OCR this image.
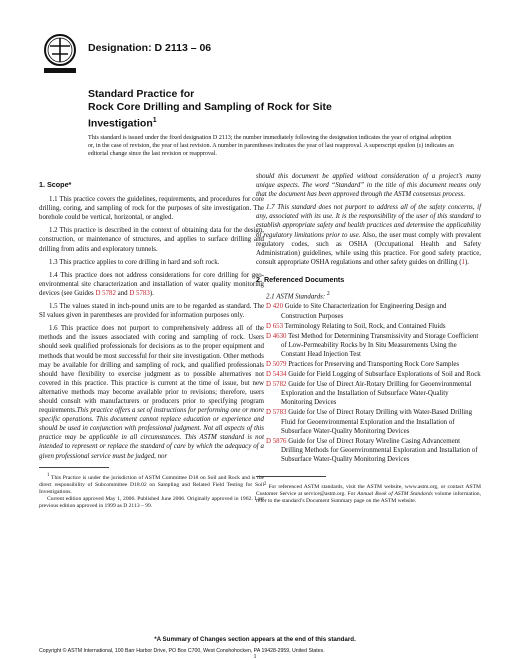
Designation: D 2113 – 06
Standard Practice for
Rock Core Drilling and Sampling of Rock for Site Investigation$^1$
This standard is issued under the fixed designation D 2113; the number immediately following the designation indicates the year of original adoption or, in the case of revision, the year of last revision. A number in parentheses indicates the year of last reapproval. A superscript epsilon (ε) indicates an editorial change since the last revision or reapproval.
1. Scope*
1.1 This practice covers the guidelines, requirements, and procedures for core drilling, coring, and sampling of rock for the purposes of site investigation. The borehole could be vertical, horizontal, or angled.
1.2 This practice is described in the context of obtaining data for the design, construction, or maintenance of structures, and applies to surface drilling and drilling from adits and exploratory tunnels.
1.3 This practice applies to core drilling in hard and soft rock.
1.4 This practice does not address considerations for core drilling for geo-environmental site characterization and installation of water quality monitoring devices (see Guides D 5782 and D 5783).
1.5 The values stated in inch-pound units are to be regarded as standard. The SI values given in parentheses are provided for information purposes only.
1.6 This practice does not purport to comprehensively address all of the methods and the issues associated with coring and sampling of rock. Users should seek qualified professionals for decisions as to the proper equipment and methods that would be most successful for their site investigation. Other methods may be available for drilling and sampling of rock, and qualified professionals should have flexibility to exercise judgment as to possible alternatives not covered in this practice. This practice is current at the time of issue, but new alternative methods may become available prior to revisions; therefore, users should consult with manufacturers or producers prior to specifying program requirements.This practice offers a set of instructions for performing one or more specific operations. This document cannot replace education or experience and should be used in conjunction with professional judgment. Not all aspects of this practice may be applicable in all circumstances. This ASTM standard is not intended to represent or replace the standard of care by which the adequacy of a given professional service must be judged, nor
$^1$ This Practice is under the jurisdiction of ASTM Committee D18 on Soil and Rock and is the direct responsibility of Subcommittee D18.02 on Sampling and Related Field Testing for Soil Investigations.
Current edition approved May 1, 2006. Published June 2006. Originally approved in 1962. Last previous edition approved in 1999 as D 2113 – 99.
should this document be applied without consideration of a project’s many unique aspects. The word “Standard” in the title of this document means only that the document has been approved through the ASTM consensus process.
1.7 This standard does not purport to address all of the safety concerns, if any, associated with its use. It is the responsibility of the user of this standard to establish appropriate safety and health practices and determine the applicability of regulatory limitations prior to use. Also, the user must comply with prevalent regulatory codes, such as OSHA (Occupational Health and Safety Administration) guidelines, while using this practice. For good safety practice, consult appropriate OSHA regulations and other safety guides on drilling (1).
2. Referenced Documents
2.1 ASTM Standards: $^2$
D 420 Guide to Site Characterization for Engineering Design and Construction Purposes
D 653 Terminology Relating to Soil, Rock, and Contained Fluids
D 4630 Test Method for Determining Transmissivity and Storage Coefficient of Low-Permeability Rocks by In Situ Measurements Using the Constant Head Injection Test
D 5079 Practices for Preserving and Transporting Rock Core Samples
D 5434 Guide for Field Logging of Subsurface Explorations of Soil and Rock
D 5782 Guide for Use of Direct Air-Rotary Drilling for Geoenvironmental Exploration and the Installation of Subsurface Water-Quality Monitoring Devices
D 5783 Guide for Use of Direct Rotary Drilling with Water-Based Drilling Fluid for Geoenvironmental Exploration and the Installation of Subsurface Water-Quality Monitoring Devices
D 5876 Guide for Use of Direct Rotary Wireline Casing Advancement Drilling Methods for Geoenvironmental Exploration and Installation of Subsurface Water-Quality Monitoring Devices
$^2$ For referenced ASTM standards, visit the ASTM website, www.astm.org, or contact ASTM Customer Service at service@astm.org. For Annual Book of ASTM Standards volume information, refer to the standard’s Document Summary page on the ASTM website.
*A Summary of Changes section appears at the end of this standard.
Copyright © ASTM International, 100 Barr Harbor Drive, PO Box C700, West Conshohocken, PA 19428-2959, United States.
1
